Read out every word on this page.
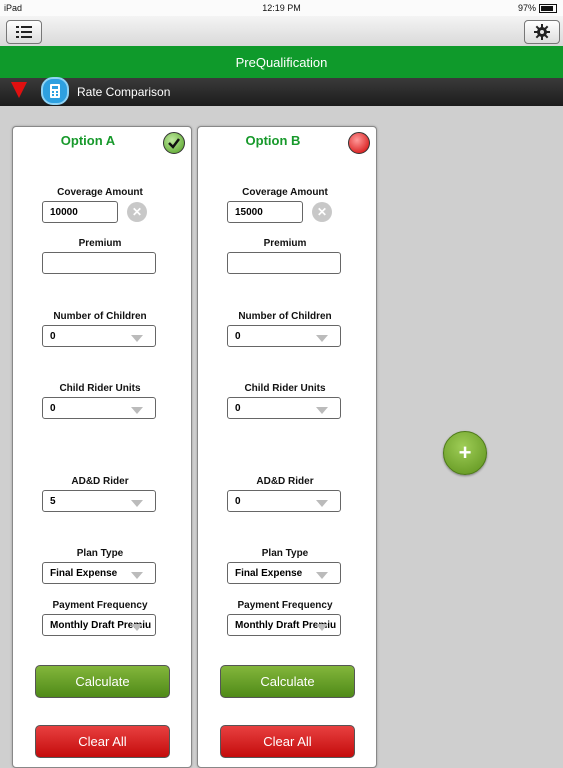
iPad	12:19 PM	97%
PreQualification
Rate Comparison
Option A
Coverage Amount
10000	✕
Premium
Number of Children
0
Child Rider Units
0
AD&D Rider
5
Plan Type
Final Expense
Payment Frequency
Monthly Draft Premiu
Calculate
Clear All
Option B
Coverage Amount
15000	✕
Premium
Number of Children
0
Child Rider Units
0
AD&D Rider
0
Plan Type
Final Expense
Payment Frequency
Monthly Draft Premiu
Calculate
Clear All
+
